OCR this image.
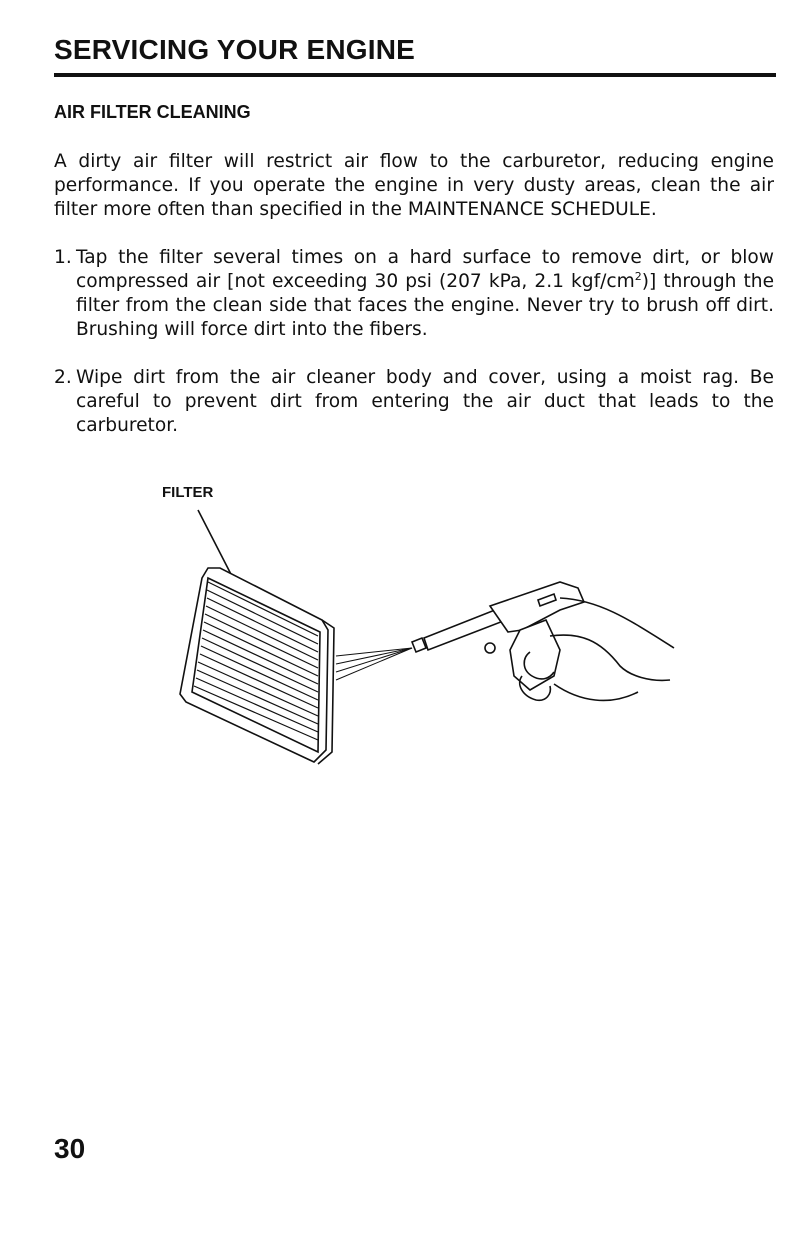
SERVICING YOUR ENGINE
AIR FILTER CLEANING

A dirty air filter will restrict air flow to the carburetor, reducing engine performance. If you operate the engine in very dusty areas, clean the air filter more often than specified in the MAINTENANCE SCHEDULE.

1. Tap the filter several times on a hard surface to remove dirt, or blow compressed air [not exceeding 30 psi (207 kPa, 2.1 kgf/$cm^2$)] through the filter from the clean side that faces the engine. Never try to brush off dirt. Brushing will force dirt into the fibers.
2. Wipe dirt from the air cleaner body and cover, using a moist rag. Be careful to prevent dirt from entering the air duct that leads to the carburetor.
FILTER
30
